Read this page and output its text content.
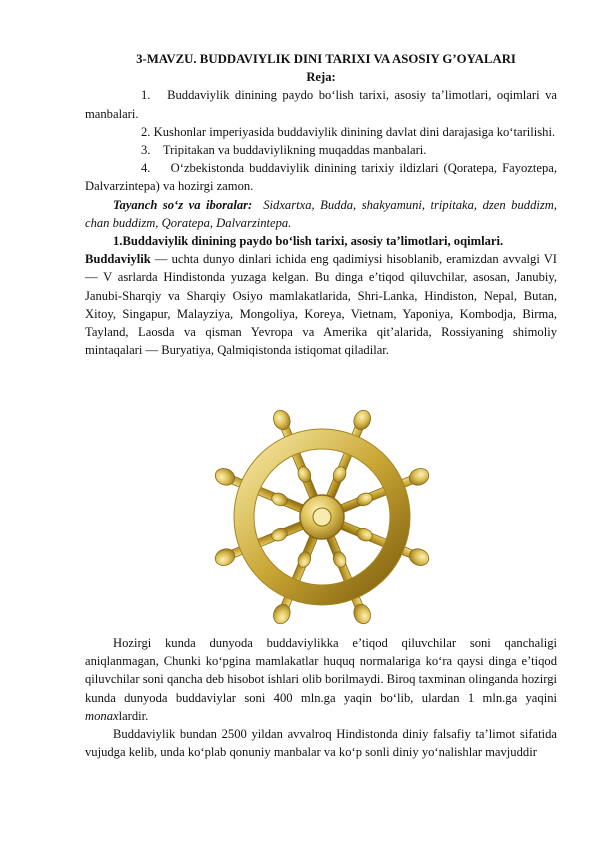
3-MAVZU. BUDDAVIYLIK DINI TARIXI VA ASOSIY G’OYALARI

Reja:

1. Buddaviylik dinining paydo bo‘lish tarixi, asosiy ta’limotlari, oqimlari va manbalari.

2. Kushonlar imperiyasida buddaviylik dinining davlat dini darajasiga ko‘tarilishi.

3. Tripitakan va buddaviylikning muqaddas manbalari.

4. O‘zbekistonda buddaviylik dinining tarixiy ildizlari (Qoratepa, Fayoztepa, Dalvarzintepa) va hozirgi zamon.

Tayanch so‘z va iboralar: Sidxartxa, Budda, shakyamuni, tripitaka, dzen buddizm, chan buddizm, Qoratepa, Dalvarzintepa.

1.Buddaviylik dinining paydo bo‘lish tarixi, asosiy ta’limotlari, oqimlari.

Buddaviylik — uchta dunyo dinlari ichida eng qadimiysi hisoblanib, eramizdan avvalgi VI — V asrlarda Hindistonda yuzaga kelgan. Bu dinga e’tiqod qiluvchilar, asosan, Janubiy, Janubi-Sharqiy va Sharqiy Osiyo mamlakatlarida, Shri-Lanka, Hindiston, Nepal, Butan, Xitoy, Singapur, Malayziya, Mongoliya, Koreya, Vietnam, Yaponiya, Kombodja, Birma, Tayland, Laosda va qisman Yevropa va Amerika qit’alarida, Rossiyaning shimoliy mintaqalari — Buryatiya, Qalmiqistonda istiqomat qiladilar.

Hozirgi kunda dunyoda buddaviylikka e’tiqod qiluvchilar soni qanchaligi aniqlanmagan, Chunki ko‘pgina mamlakatlar huquq normalariga ko‘ra qaysi dinga e’tiqod qiluvchilar soni qancha deb hisobot ishlari olib borilmaydi. Biroq taxminan olinganda hozirgi kunda dunyoda buddaviylar soni 400 mln.ga yaqin bo‘lib, ulardan 1 mln.ga yaqini monaxlardir.

Buddaviylik bundan 2500 yildan avvalroq Hindistonda diniy falsafiy ta’limot sifatida vujudga kelib, unda ko‘plab qonuniy manbalar va ko‘p sonli diniy yo‘nalishlar mavjuddir
